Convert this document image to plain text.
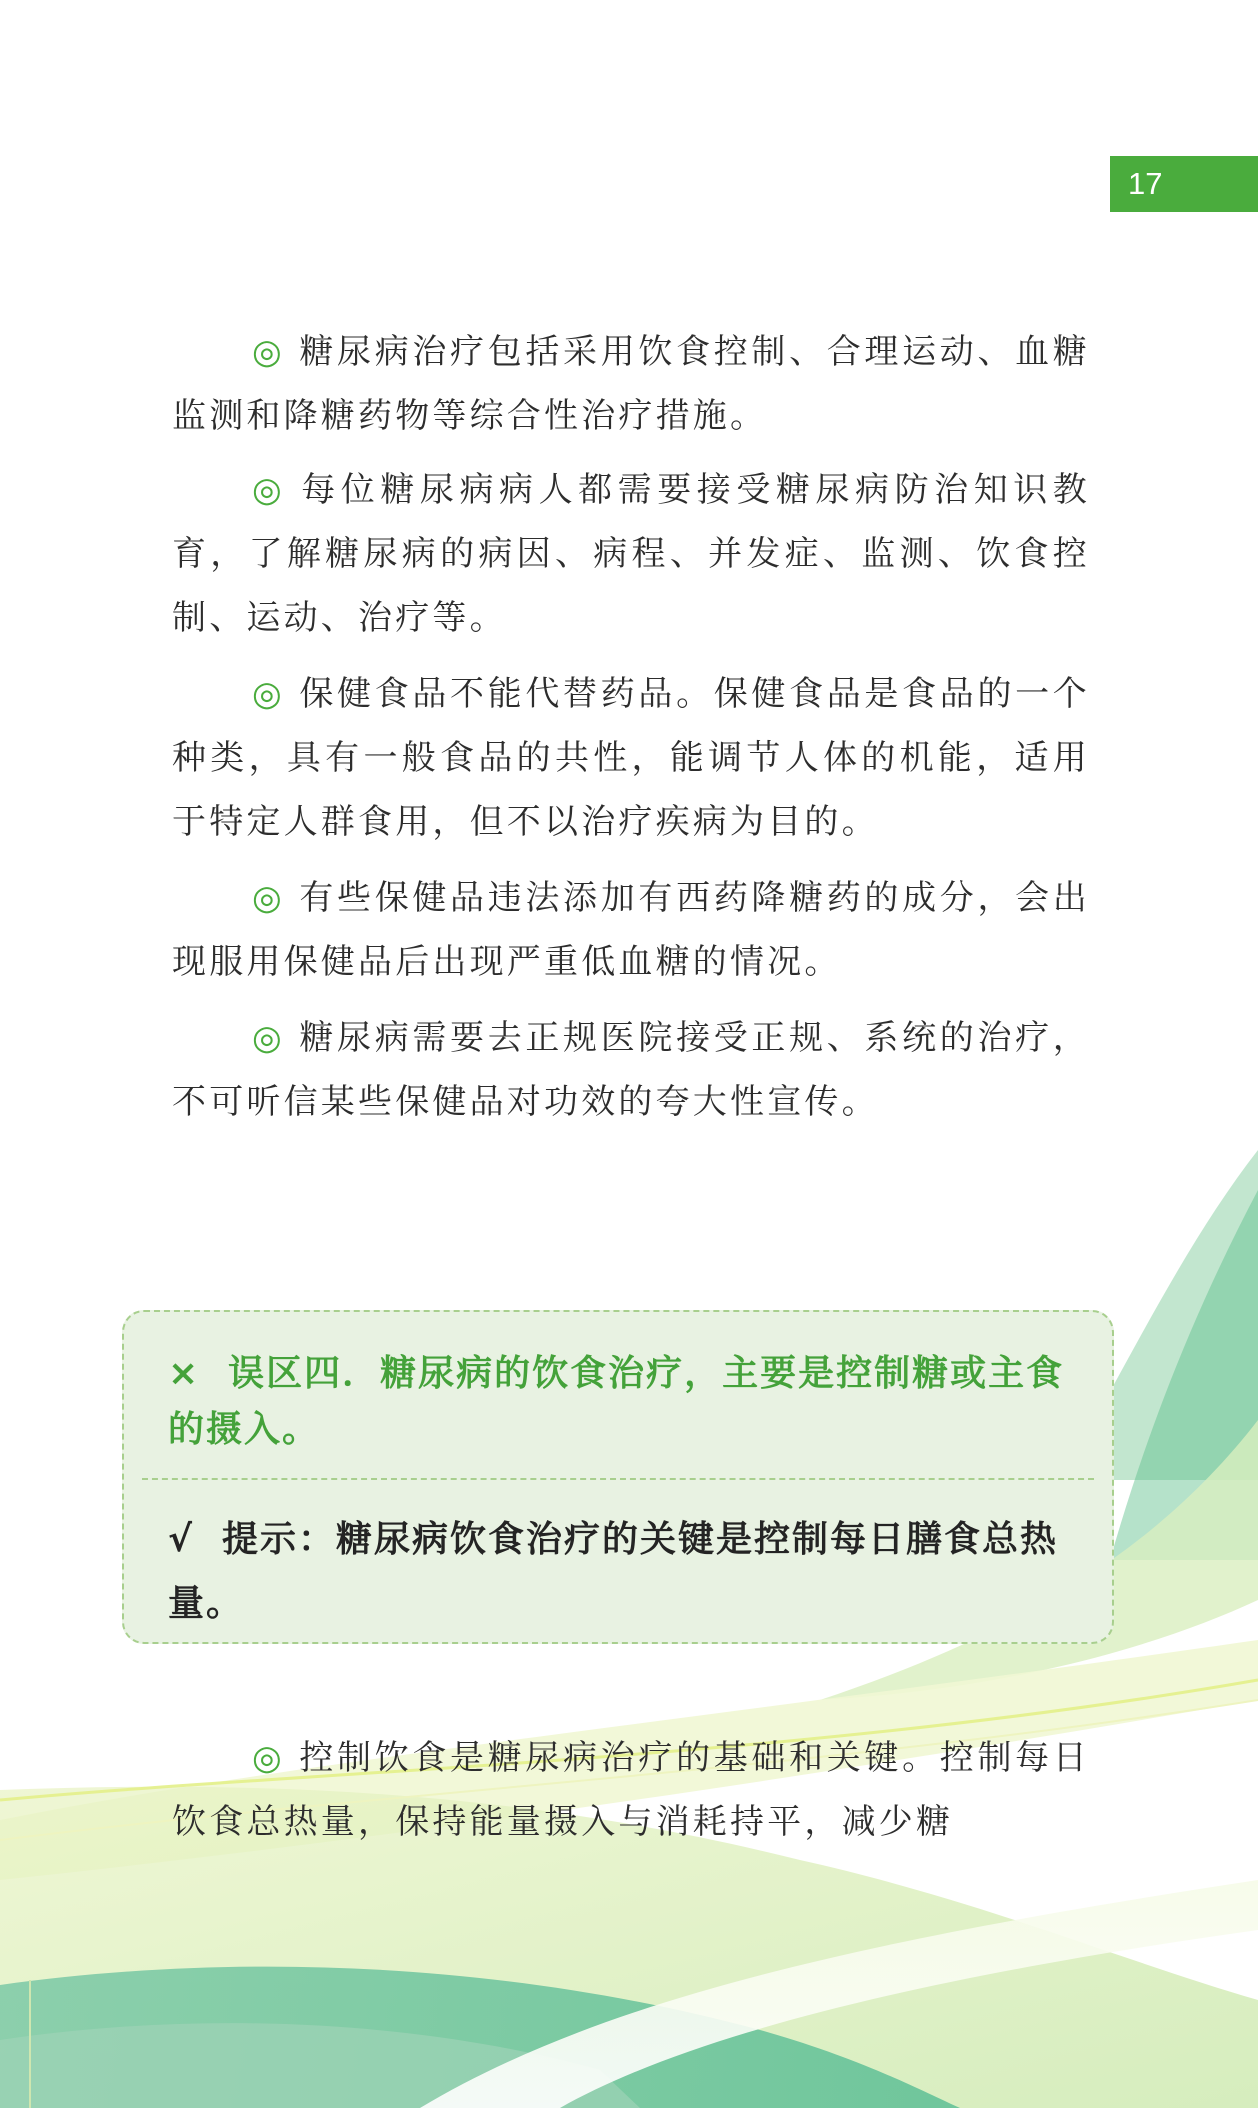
17

◎ 糖尿病治疗包括采用饮食控制、合理运动、血糖监测和降糖药物等综合性治疗措施。

◎ 每位糖尿病病人都需要接受糖尿病防治知识教育，了解糖尿病的病因、病程、并发症、监测、饮食控制、运动、治疗等。

◎ 保健食品不能代替药品。保健食品是食品的一个种类，具有一般食品的共性，能调节人体的机能，适用于特定人群食用，但不以治疗疾病为目的。

◎ 有些保健品违法添加有西药降糖药的成分，会出现服用保健品后出现严重低血糖的情况。

◎ 糖尿病需要去正规医院接受正规、系统的治疗，不可听信某些保健品对功效的夸大性宣传。

× 误区四．糖尿病的饮食治疗，主要是控制糖或主食的摄入。

√ 提示：糖尿病饮食治疗的关键是控制每日膳食总热量。

◎ 控制饮食是糖尿病治疗的基础和关键。控制每日饮食总热量，保持能量摄入与消耗持平，减少糖
